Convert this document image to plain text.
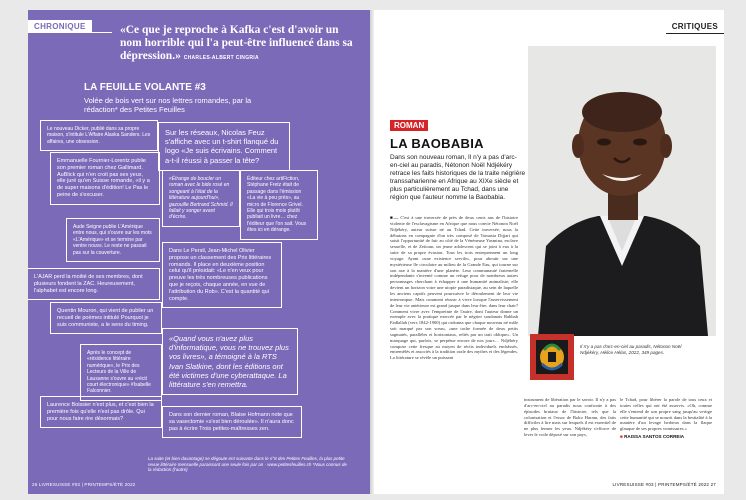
CHRONIQUE	«Ce que je reproche à Kafka c'est d'avoir un nom horrible qui l'a peut-être influencé dans sa dépression.» CHARLES-ALBERT CINGRIA
LA FEUILLE VOLANTE #3
Volée de bois vert sur nos lettres romandes, par la rédaction* des Petites Feuilles
Le nouveau Dicker, publié dans sa propre maison, s'intitule L'Affaire Alaska Sanders. Les affaires, une obsession.
Emmanuelle Fournier-Lorentz publie son premier roman chez Gallimard. AuBlick qui n'en croit pas ses yeux, elle juré qu'en Suisse romande, «il y a de super maisons d'édition! Le Pas le peine de s'excuser.
Aude Seigne publie L'Amérique entre nous, qui s'ouvre sur les mots «L'Amérique» et se termine par ventre nouvs. Le reste ne passait pas sur la couverture.
L'AJAR perd la moitié de ses membres, dont plusieurs fondent la ZAC. Heureusement, l'alphabet est encore long.
Quentin Mouron, qui vient de publier un recueil de poèmes intitulé Pourquoi je suis communiste, a le sens du timing.
Après le concept de «résidence littéraire numérique», le Prix des Lecteurs de la Ville de Lausanne s'ouvre au «récit court électronique» #Isabelle Falconnier.
Laurence Boissier n'est plus, et c'est bien la première fois qu'elle n'est pas drôle. Qui pour nous faire rire désormais?
Sur les réseaux, Nicolas Feuz s'affiche avec un t-shirt flanqué du logo «Je suis écrivains. Comment a-t-il réussi à passer la tête?
«Étrange de boucler un roman avec le bide rosé en songeant à l'état de la littérature aujourd'hui», gazouille Bertrand Schmid. Il fallait y songer avant d'écrire.
Éditeur chez artiFiction, Stéphane Fretz était de passage dans l'émission «La vie à peu près», au micro de Florence Grivel. Elle qui trois mois plutôt publiait un livre… chez l'éditeur que l'on sait. Vous êtes ici en dérange.
Dans Le Persil, Jean-Michel Olivier propose un classement des Prix littéraires romands. Il place en deuxième position celui qu'il présidait: «Le n'en veux pour preuve les très nombreuses publications que je reçois, chaque année, en vue de l'attribution du Rob». C'est la quantité qui compte.
«Quand vous n'avez plus d'informatique, vous ne trouvez plus vos livres», a témoigné à la RTS Ivan Slatkine, dont les éditions ont été victimes d'une cyberattaque. La littérature s'en remettra.
Dans son dernier roman, Blaise Hofmann note que sa vasectomie «s'est bien déroulée». Il n'aura donc pas à écrire Trois petites-maîtresses zen.
La suite (et bien davantage) se dégoute ent suivante dans le n°8 des Petites Feuilles, la plus petite revue littéraire mensuelle paraissant une seule fois par an · www.petitesfeuilles.ch *Nous connus de la rédaction (l'autre)
26 LIVRESUISSE #03 | PRINTEMPS/ÉTÉ 2022
CRITIQUES
ROMAN
LA BAOBABIA
Dans son nouveau roman, Il n'y a pas d'arc-en-ciel au paradis, Nétonon Noël Ndjékéry retrace les faits historiques de la traite négrière transsaharienne en Afrique au XIXe siècle et plus particulièrement au Tchad, dans une région que l'auteur nomme la Baobabia.
■— C'est à une traversée de près de deux cents ans de l'histoire violente de l'esclavagisme en Afrique que nous convie Nétonon Noël Ndjékéry, auteur suisse né au Tchad. Cette traversée, nous la débutons en compagnie d'un très composé de Tomasta Dijjari qui saisit l'opportunité de fuir au côté de la Vénéneuse Yasmina, esclave sexuelle, et de Zeitoun, un jeune adolescent qui se joint à eux à la suite de sa propre évasion. Tous les trois entreprennent un long voyage. Ayant «une existence servile», pour aboutir sur une mystérieuse île circulaire au milieu de la Grande Eau, qui tourne sur son axe à la manière d'une planète. Leur communauté fraternelle indépendante s'inventé comme un refuge pour de nombreux autres personnages cherchant à échapper à une humanité animaliste; elle devient un horizon votre une utopie paradisiaque, au sein de laquelle les anciens captifs peuvent poursuivre le déroulement de leur vie interrompue. Mais comment réussir à vivre lorsque l'asservissement de leur vie antérieure est grand jusque dans leur être, dans leur chair? Comment vivre avec l'empreinte de l'autre, dont l'auteur donne un exemple avec la pratique exercée par le négrier soudanais Rabbah Fadlallah (vers 1842-1900) qui ordonna que chaque nouveau né mâle soit marqué par son sceau, «une tache formée de deux petits sagmatés, parallèles et horizontaux, reliés par un trait oblique». Un marquage qui, parfois, se perpétue encore de nos jours… Ndjékéry compose cette fresque au moyen de récits individuels enchâssés, entremêlés et associés à la tradition orale des mythes et des légendes. La littérature se révèle un puissant
instrument de libération par le savoir. Il n'y a pas d'arc-en-ciel au paradis nous confronte à des épisodes brutaux de l'histoire, tels que la colonisation et l'essor de Boko Haram, des faits difficiles à lire mais sur lesquels il est essentiel de ne plus fermer les yeux. Ndjékéry s'efforce de lever le voile déposé sur son pays,
le Tchad, pour libérer la parole de tous ceux et toutes celles qui ont été asservis. «Oh, comme elle s'entend de son propre sang jusqu'au vertige cette humanité qui se nourrit dans la bestialité à la manière d'un levage herbeux dans la flaque glauque de ses propres vomissures.»
■ RAISSA SANTOS CORREIA
Il n'y a pas d'arc-en-ciel au paradis, Nétonon Noël Ndjékéry, Hélice Hélas, 2022, 349 pages.
LIVRESUISSE #03 | PRINTEMPS/ÉTÉ 2022 27
